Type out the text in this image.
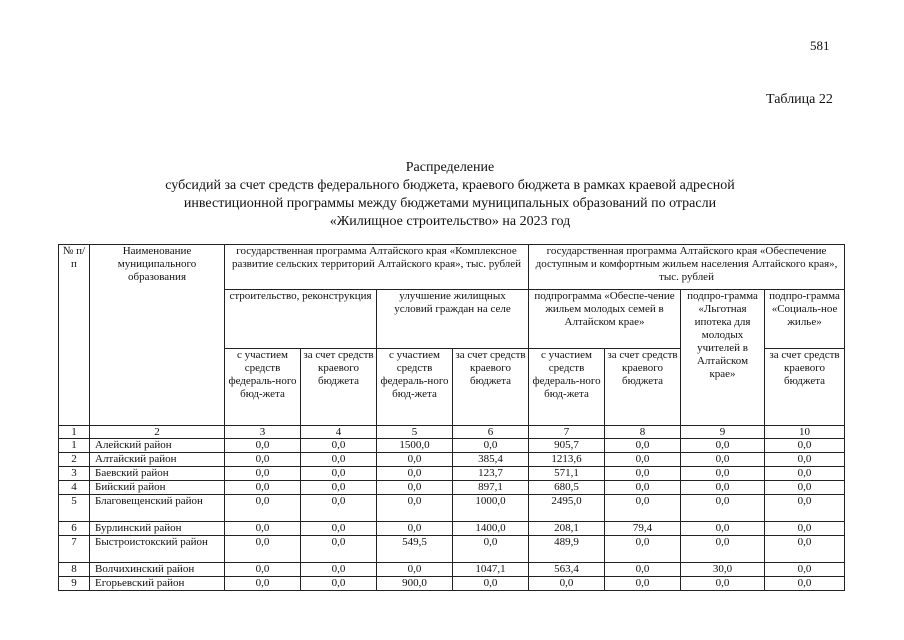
581
Таблица 22
Распределение
субсидий за счет средств федерального бюджета, краевого бюджета в рамках краевой адресной
инвестиционной программы между бюджетами муниципальных образований по отрасли
«Жилищное строительство» на 2023 год
№ п/п	Наименование муниципального образования	государственная программа Алтайского края «Комплексное развитие сельских территорий Алтайского края», тыс. рублей				государственная программа Алтайского края «Обеспечение доступным и комфортным жильем населения Алтайского края», тыс. рублей			
		строительство, реконструкция		улучшение жилищных условий граждан на селе		подпрограмма «Обеспе-чение жильем молодых семей в Алтайском крае»		подпро-грамма «Льготная ипотека для молодых учителей в Алтайском крае»	подпро-грамма «Социаль-ное жилье»
		с участием средств федераль-ного бюд-жета	за счет средств краевого бюджета	с участием средств федераль-ного бюд-жета	за счет средств краевого бюджета	с участием средств федераль-ного бюд-жета	за счет средств краевого бюджета		за счет средств краевого бюджета
1	2	3	4	5	6	7	8	9	10
1	Алейский район	0,0	0,0	1500,0	0,0	905,7	0,0	0,0	0,0
2	Алтайский район	0,0	0,0	0,0	385,4	1213,6	0,0	0,0	0,0
3	Баевский район	0,0	0,0	0,0	123,7	571,1	0,0	0,0	0,0
4	Бийский район	0,0	0,0	0,0	897,1	680,5	0,0	0,0	0,0
5	Благовещенский район	0,0	0,0	0,0	1000,0	2495,0	0,0	0,0	0,0
6	Бурлинский район	0,0	0,0	0,0	1400,0	208,1	79,4	0,0	0,0
7	Быстроистокский район	0,0	0,0	549,5	0,0	489,9	0,0	0,0	0,0
8	Волчихинский район	0,0	0,0	0,0	1047,1	563,4	0,0	30,0	0,0
9	Егорьевский район	0,0	0,0	900,0	0,0	0,0	0,0	0,0	0,0
